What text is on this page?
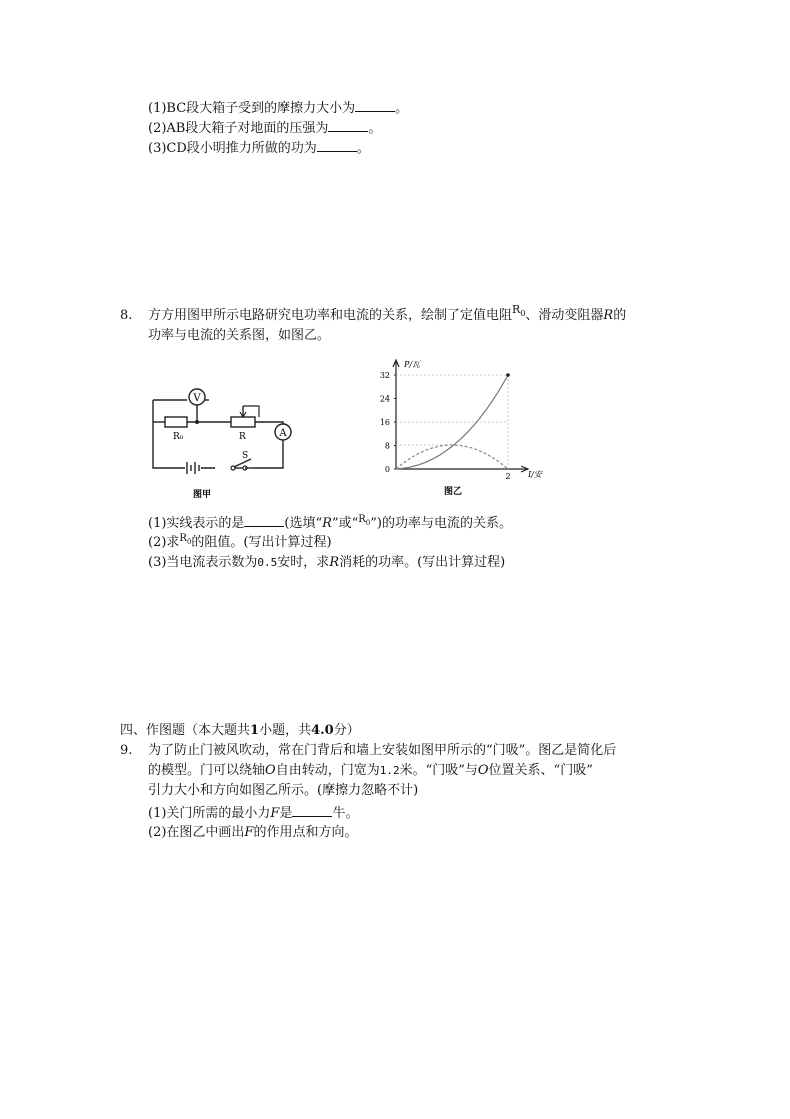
(1)BC段大箱子受到的摩擦力大小为	。
(2)AB段大箱子对地面的压强为	。
(3)CD段小明推力所做的功为	。
8. 方方用图甲所示电路研究电功率和电流的关系，绘制了定值电阻$^{R_0}$、滑动变阻器R的
功率与电流的关系图，如图乙。
V
R₀	R	A
S
图甲
P/瓦
I/安
0
8
16
24
32
2
图乙
(1)实线表示的是	(选填“R”或“$^{R_0}$”)的功率与电流的关系。
(2)求$^{R_0}$的阻值。(写出计算过程)
(3)当电流表示数为0.5安时，求R消耗的功率。(写出计算过程)
四、作图题（本大题共1小题，共4.0分）
9. 为了防止门被风吹动，常在门背后和墙上安装如图甲所示的“门吸”。图乙是简化后
的模型。门可以绕轴O自由转动，门宽为1.2米。“门吸”与O位置关系、“门吸”
引力大小和方向如图乙所示。(摩擦力忽略不计)
(1)关门所需的最小力F是	牛。
(2)在图乙中画出F的作用点和方向。
